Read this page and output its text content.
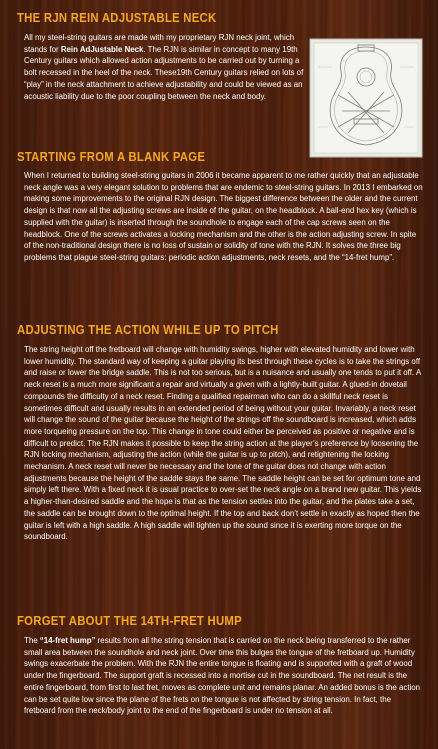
THE RJN REIN ADJUSTABLE NECK

All my steel-string guitars are made with my proprietary RJN neck joint, which stands for Rein AdJustable Neck. The RJN is similar in concept to many 19th Century guitars which allowed action adjustments to be carried out by turning a bolt recessed in the heel of the neck. These19th Century guitars relied on lots of “play” in the neck attachment to achieve adjustability and could be viewed as an acoustic liability due to the poor coupling between the neck and body.

STARTING FROM A BLANK PAGE

When I returned to building steel-string guitars in 2006 it became apparent to me rather quickly that an adjustable neck angle was a very elegant solution to problems that are endemic to steel-string guitars. In 2013 I embarked on making some improvements to the original RJN design. The biggest difference between the older and the current design is that now all the adjusting screws are inside of the guitar, on the headblock. A ball-end hex key (which is supplied with the guitar) is inserted through the soundhole to engage each of the cap screws seen on the headblock. One of the screws activates a locking mechanism and the other is the action adjusting screw. In spite of the non-traditional design there is no loss of sustain or solidity of tone with the RJN. It solves the three big problems that plague steel-string guitars: periodic action adjustments, neck resets, and the “14-fret hump”.

ADJUSTING THE ACTION WHILE UP TO PITCH

The string height off the fretboard will change with humidity swings, higher with elevated humidity and lower with lower humidity. The standard way of keeping a guitar playing its best through these cycles is to take the strings off and raise or lower the bridge saddle. This is not too serious, but is a nuisance and usually one tends to put it off. A neck reset is a much more significant a repair and virtually a given with a lightly-built guitar. A glued-in dovetail compounds the difficulty of a neck reset. Finding a qualified repairman who can do a skillful neck reset is sometimes difficult and usually results in an extended period of being without your guitar. Invariably, a neck reset will change the sound of the guitar because the height of the strings off the soundboard is increased, which adds more torqueing pressure on the top. This change in tone could either be perceived as positive or negative and is difficult to predict. The RJN makes it possible to keep the string action at the player’s preference by loosening the RJN locking mechanism, adjusting the action (while the guitar is up to pitch), and retightening the locking mechanism. A neck reset will never be necessary and the tone of the guitar does not change with action adjustments because the height of the saddle stays the same. The saddle height can be set for optimum tone and simply left there. With a fixed neck it is usual practice to over-set the neck angle on a brand new guitar. This yields a higher-than-desired saddle and the hope is that as the tension settles into the guitar, and the plates take a set, the saddle can be brought down to the optimal height. If the top and back don’t settle in exactly as hoped then the guitar is left with a high saddle. A high saddle will tighten up the sound since it is exerting more torque on the soundboard.

FORGET ABOUT THE 14TH-FRET HUMP

The “14-fret hump” results from all the string tension that is carried on the neck being transferred to the rather small area between the soundhole and neck joint. Over time this bulges the tongue of the fretboard up. Humidity swings exacerbate the problem. With the RJN the entire tongue is floating and is supported with a graft of wood under the fingerboard. The support graft is recessed into a mortise cut in the soundboard. The net result is the entire fingerboard, from first to last fret, moves as complete unit and remains planar. An added bonus is the action can be set quite low since the plane of the frets on the tongue is not affected by string tension. In fact, the fretboard from the neck/body joint to the end of the fingerboard is under no tension at all.
